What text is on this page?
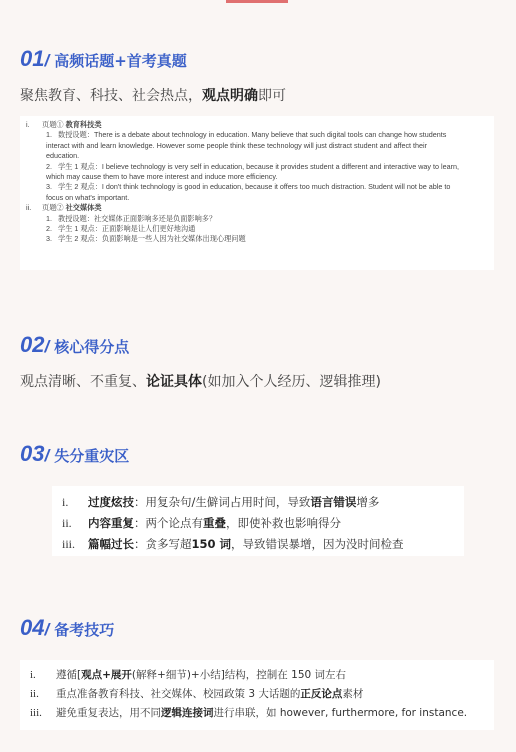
01 / 高频话题+首考真题
聚焦教育、科技、社会热点，观点明确即可
i. 页题① 教育科技类
1. 数授设题：There is a debate about technology in education. Many believe that such digital tools can change how students
interact with and learn knowledge. However some people think these technology will just distract student and affect their
education.
2. 学生 1 观点：I believe technology is very self in education, because it provides student a different and interactive way to learn,
which may cause them to have more interest and induce more efficiency.
3. 学生 2 观点：I don't think technology is good in education, because it offers too much distraction. Student will not be able to
focus on what's important.
ii. 页题② 社交媒体类
1. 教授设题：社交媒体正面影响多还是负面影响多？
2. 学生 1 观点：正面影响是让人们更好地沟通
3. 学生 2 观点：负面影响是一些人因为社交媒体出现心理问题
02 / 核心得分点
观点清晰、不重复、论证具体(如加入个人经历、逻辑推理)
03 / 失分重灾区
i.	过度炫技 ：用复杂句/生僻词占用时间，导致 语言错误 增多
ii.	内容重复 ：两个论点有 重叠 ，即使补救也影响得分
iii.	篇幅过长 ：贪多写超 150 词 ，导致错误暴增，因为没时间检查
04 / 备考技巧
i.	遵循[ 观点+展开 (解释+细节)+小结]结构，控制在 150 词左右
ii.	重点准备教育科技、社交媒体、校园政策 3 大话题的 正反论点 素材
iii.	避免重复表达，用不同 逻辑连接词 进行串联，如 however, furthermore, for instance.
